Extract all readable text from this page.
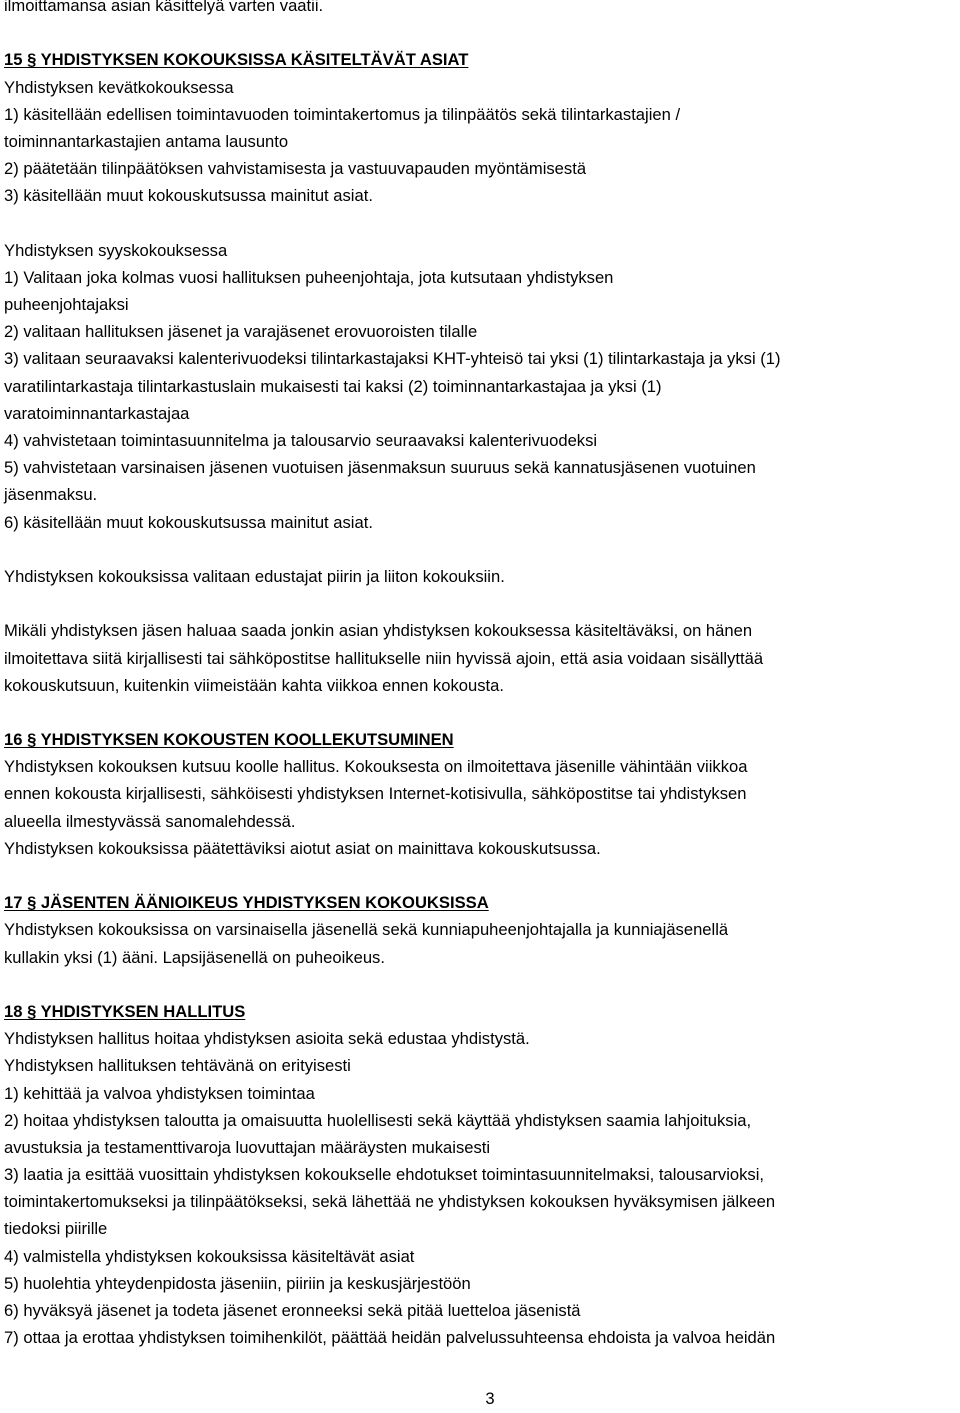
ilmoittamansa asian käsittelyä varten vaatii.
15 § YHDISTYKSEN KOKOUKSISSA KÄSITELTÄVÄT ASIAT
Yhdistyksen kevätkokouksessa
1) käsitellään edellisen toimintavuoden toimintakertomus ja tilinpäätös sekä tilintarkastajien /
toiminnantarkastajien antama lausunto
2) päätetään tilinpäätöksen vahvistamisesta ja vastuuvapauden myöntämisestä
3) käsitellään muut kokouskutsussa mainitut asiat.
Yhdistyksen syyskokouksessa
1) Valitaan joka kolmas vuosi hallituksen puheenjohtaja, jota kutsutaan yhdistyksen
puheenjohtajaksi
2) valitaan hallituksen jäsenet ja varajäsenet erovuoroisten tilalle
3) valitaan seuraavaksi kalenterivuodeksi tilintarkastajaksi KHT-yhteisö tai yksi (1) tilintarkastaja ja yksi (1)
varatilintarkastaja tilintarkastuslain mukaisesti tai kaksi (2) toiminnantarkastajaa ja yksi (1)
varatoiminnantarkastajaa
4) vahvistetaan toimintasuunnitelma ja talousarvio seuraavaksi kalenterivuodeksi
5) vahvistetaan varsinaisen jäsenen vuotuisen jäsenmaksun suuruus sekä kannatusjäsenen vuotuinen
jäsenmaksu.
6) käsitellään muut kokouskutsussa mainitut asiat.
Yhdistyksen kokouksissa valitaan edustajat piirin ja liiton kokouksiin.
Mikäli yhdistyksen jäsen haluaa saada jonkin asian yhdistyksen kokouksessa käsiteltäväksi, on hänen
ilmoitettava siitä kirjallisesti tai sähköpostitse hallitukselle niin hyvissä ajoin, että asia voidaan sisällyttää
kokouskutsuun, kuitenkin viimeistään kahta viikkoa ennen kokousta.
16 § YHDISTYKSEN KOKOUSTEN KOOLLEKUTSUMINEN
Yhdistyksen kokouksen kutsuu koolle hallitus. Kokouksesta on ilmoitettava jäsenille vähintään viikkoa
ennen kokousta kirjallisesti, sähköisesti yhdistyksen Internet-kotisivulla, sähköpostitse tai yhdistyksen
alueella ilmestyvässä sanomalehdessä.
Yhdistyksen kokouksissa päätettäviksi aiotut asiat on mainittava kokouskutsussa.
17 § JÄSENTEN ÄÄNIOIKEUS YHDISTYKSEN KOKOUKSISSA
Yhdistyksen kokouksissa on varsinaisella jäsenellä sekä kunniapuheenjohtajalla ja kunniajäsenellä
kullakin yksi (1) ääni. Lapsijäsenellä on puheoikeus.
18 § YHDISTYKSEN HALLITUS
Yhdistyksen hallitus hoitaa yhdistyksen asioita sekä edustaa yhdistystä.
Yhdistyksen hallituksen tehtävänä on erityisesti
1) kehittää ja valvoa yhdistyksen toimintaa
2) hoitaa yhdistyksen taloutta ja omaisuutta huolellisesti sekä käyttää yhdistyksen saamia lahjoituksia,
avustuksia ja testamenttivaroja luovuttajan määräysten mukaisesti
3) laatia ja esittää vuosittain yhdistyksen kokoukselle ehdotukset toimintasuunnitelmaksi, talousarvioksi,
toimintakertomukseksi ja tilinpäätökseksi, sekä lähettää ne yhdistyksen kokouksen hyväksymisen jälkeen
tiedoksi piirille
4) valmistella yhdistyksen kokouksissa käsiteltävät asiat
5) huolehtia yhteydenpidosta jäseniin, piiriin ja keskusjärjestöön
6) hyväksyä jäsenet ja todeta jäsenet eronneeksi sekä pitää luetteloa jäsenistä
7) ottaa ja erottaa yhdistyksen toimihenkilöt, päättää heidän palvelussuhteensa ehdoista ja valvoa heidän
3
